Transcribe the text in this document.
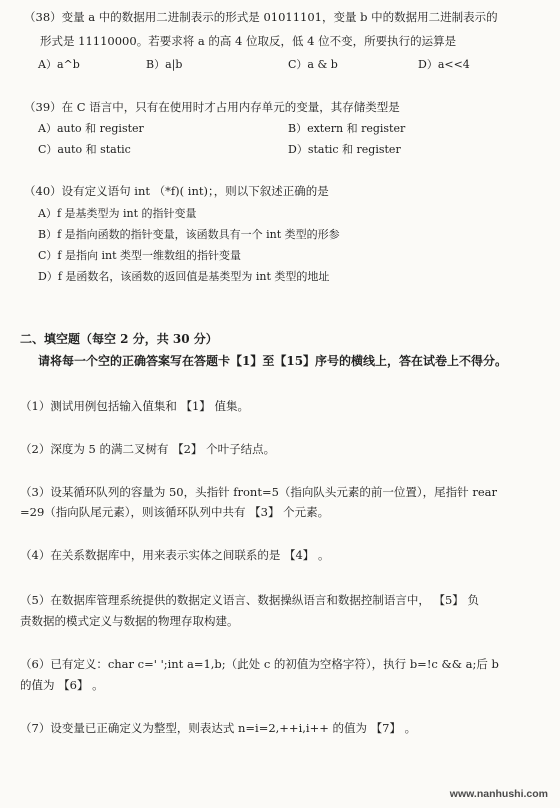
（38）变量 a 中的数据用二进制表示的形式是 01011101，变量 b 中的数据用二进制表示的
形式是 11110000。若要求将 a 的高 4 位取反，低 4 位不变，所要执行的运算是
A）a^b	B）a|b	C）a & b	D）a<<4
（39）在 C 语言中，只有在使用时才占用内存单元的变量，其存储类型是
A）auto 和 register	B）extern 和 register
C）auto 和 static	D）static 和 register
（40）设有定义语句 int （*f)( int)；，则以下叙述正确的是
A）f 是基类型为 int 的指针变量
B）f 是指向函数的指针变量，该函数具有一个 int 类型的形参
C）f 是指向 int 类型一维数组的指针变量
D）f 是函数名，该函数的返回值是基类型为 int 类型的地址
二、填空题（每空 2 分，共 30 分）
请将每一个空的正确答案写在答题卡【1】至【15】序号的横线上，答在试卷上不得分。
（1）测试用例包括输入值集和 【1】 值集。
（2）深度为 5 的满二叉树有 【2】 个叶子结点。
（3）设某循环队列的容量为 50，头指针 front=5（指向队头元素的前一位置），尾指针 rear
=29（指向队尾元素），则该循环队列中共有 【3】 个元素。
（4）在关系数据库中，用来表示实体之间联系的是 【4】 。
（5）在数据库管理系统提供的数据定义语言、数据操纵语言和数据控制语言中， 【5】 负
责数据的模式定义与数据的物理存取构建。
（6）已有定义：char c=' ';int a=1,b;（此处 c 的初值为空格字符），执行 b=!c && a;后 b
的值为 【6】 。
（7）设变量已正确定义为整型，则表达式 n=i=2,++i,i++ 的值为 【7】 。
www.nanhushi.com
